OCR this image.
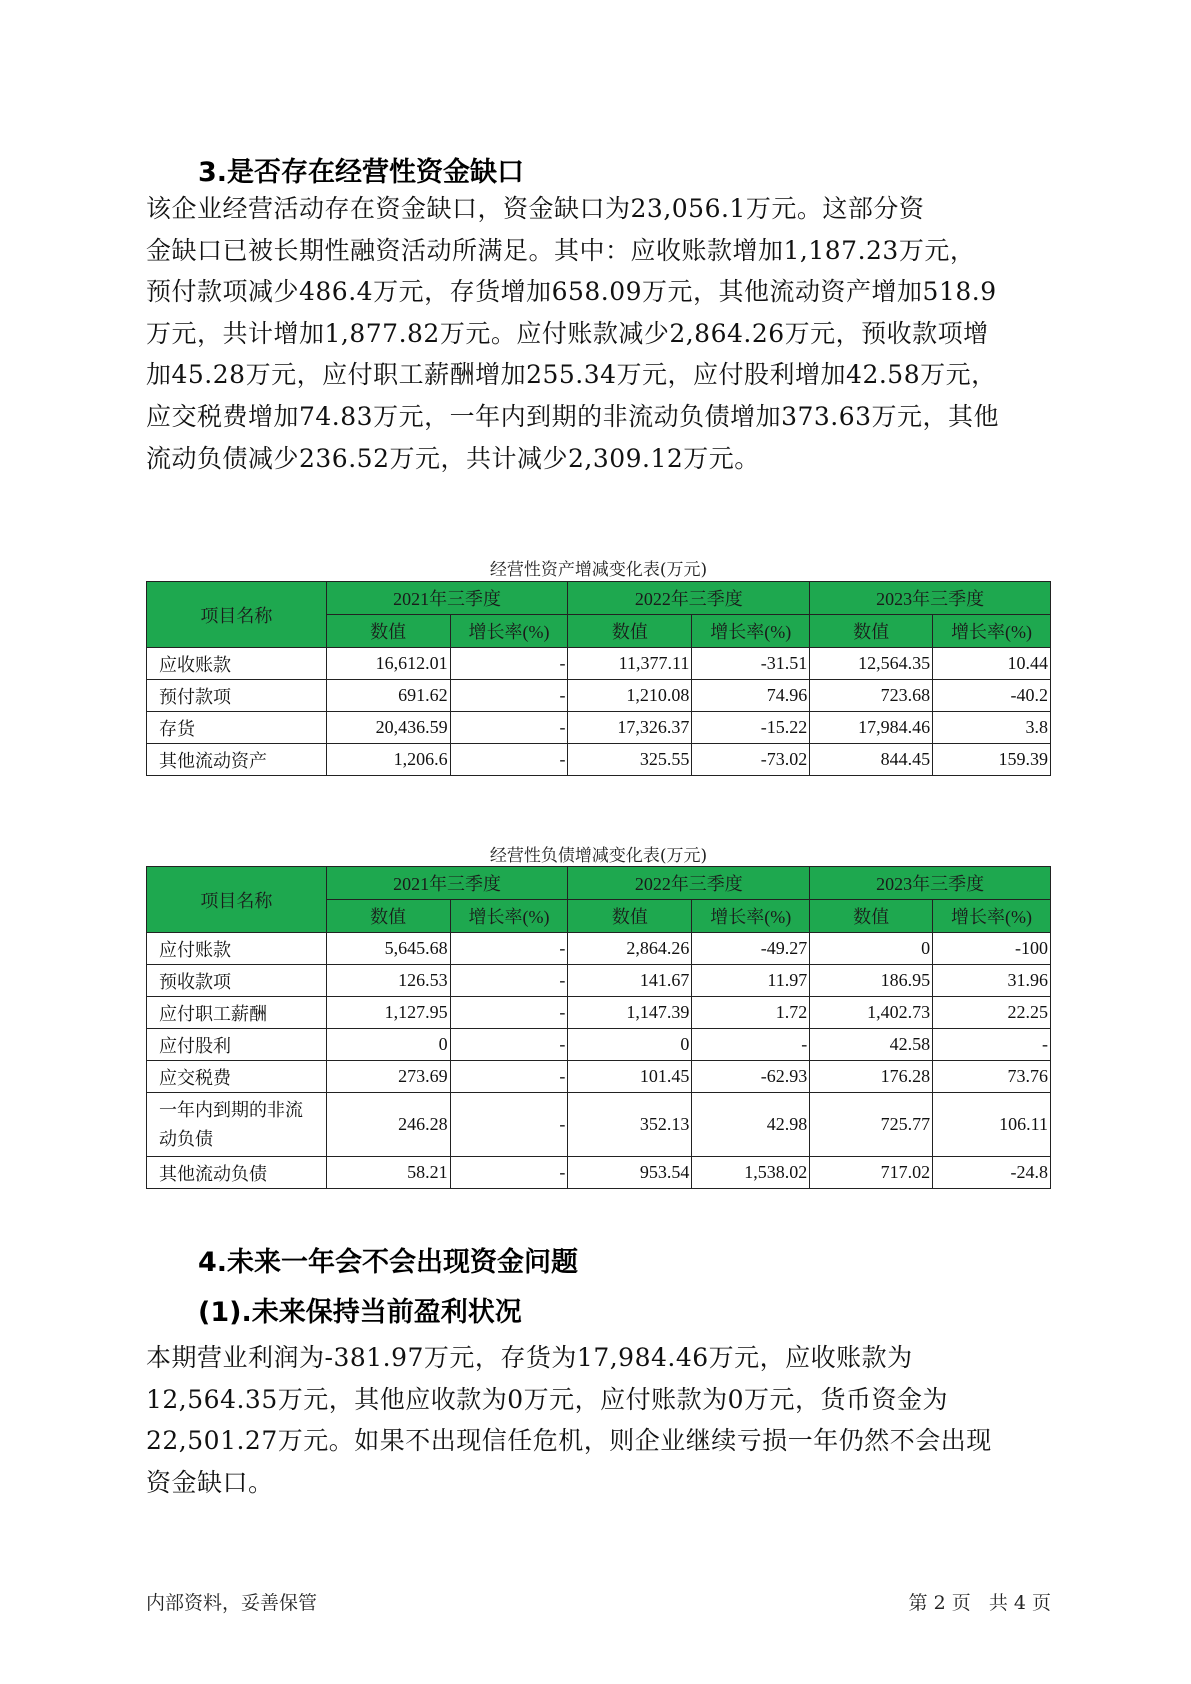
3.是否存在经营性资金缺口

该企业经营活动存在资金缺口，资金缺口为23,056.1万元。这部分资
金缺口已被长期性融资活动所满足。其中：应收账款增加1,187.23万元，
预付款项减少486.4万元，存货增加658.09万元，其他流动资产增加518.9
万元，共计增加1,877.82万元。应付账款减少2,864.26万元，预收款项增
加45.28万元，应付职工薪酬增加255.34万元，应付股利增加42.58万元，
应交税费增加74.83万元，一年内到期的非流动负债增加373.63万元，其他
流动负债减少236.52万元，共计减少2,309.12万元。

经营性资产增减变化表(万元)
项目名称	2021年三季度		2022年三季度		2023年三季度	
	数值	增长率(%)	数值	增长率(%)	数值	增长率(%)
应收账款	16,612.01	-	11,377.11	-31.51	12,564.35	10.44
预付款项	691.62	-	1,210.08	74.96	723.68	-40.2
存货	20,436.59	-	17,326.37	-15.22	17,984.46	3.8
其他流动资产	1,206.6	-	325.55	-73.02	844.45	159.39
经营性负债增减变化表(万元)
项目名称	2021年三季度		2022年三季度		2023年三季度	
	数值	增长率(%)	数值	增长率(%)	数值	增长率(%)
应付账款	5,645.68	-	2,864.26	-49.27	0	-100
预收款项	126.53	-	141.67	11.97	186.95	31.96
应付职工薪酬	1,127.95	-	1,147.39	1.72	1,402.73	22.25
应付股利	0	-	0	-	42.58	-
应交税费	273.69	-	101.45	-62.93	176.28	73.76
一年内到期的非流
动负债	246.28	-	352.13	42.98	725.77	106.11
其他流动负债	58.21	-	953.54	1,538.02	717.02	-24.8
4.未来一年会不会出现资金问题
(1).未来保持当前盈利状况

本期营业利润为-381.97万元，存货为17,984.46万元，应收账款为
12,564.35万元，其他应收款为0万元，应付账款为0万元，货币资金为
22,501.27万元。如果不出现信任危机，则企业继续亏损一年仍然不会出现
资金缺口。

内部资料，妥善保管	第 2 页   共 4 页
